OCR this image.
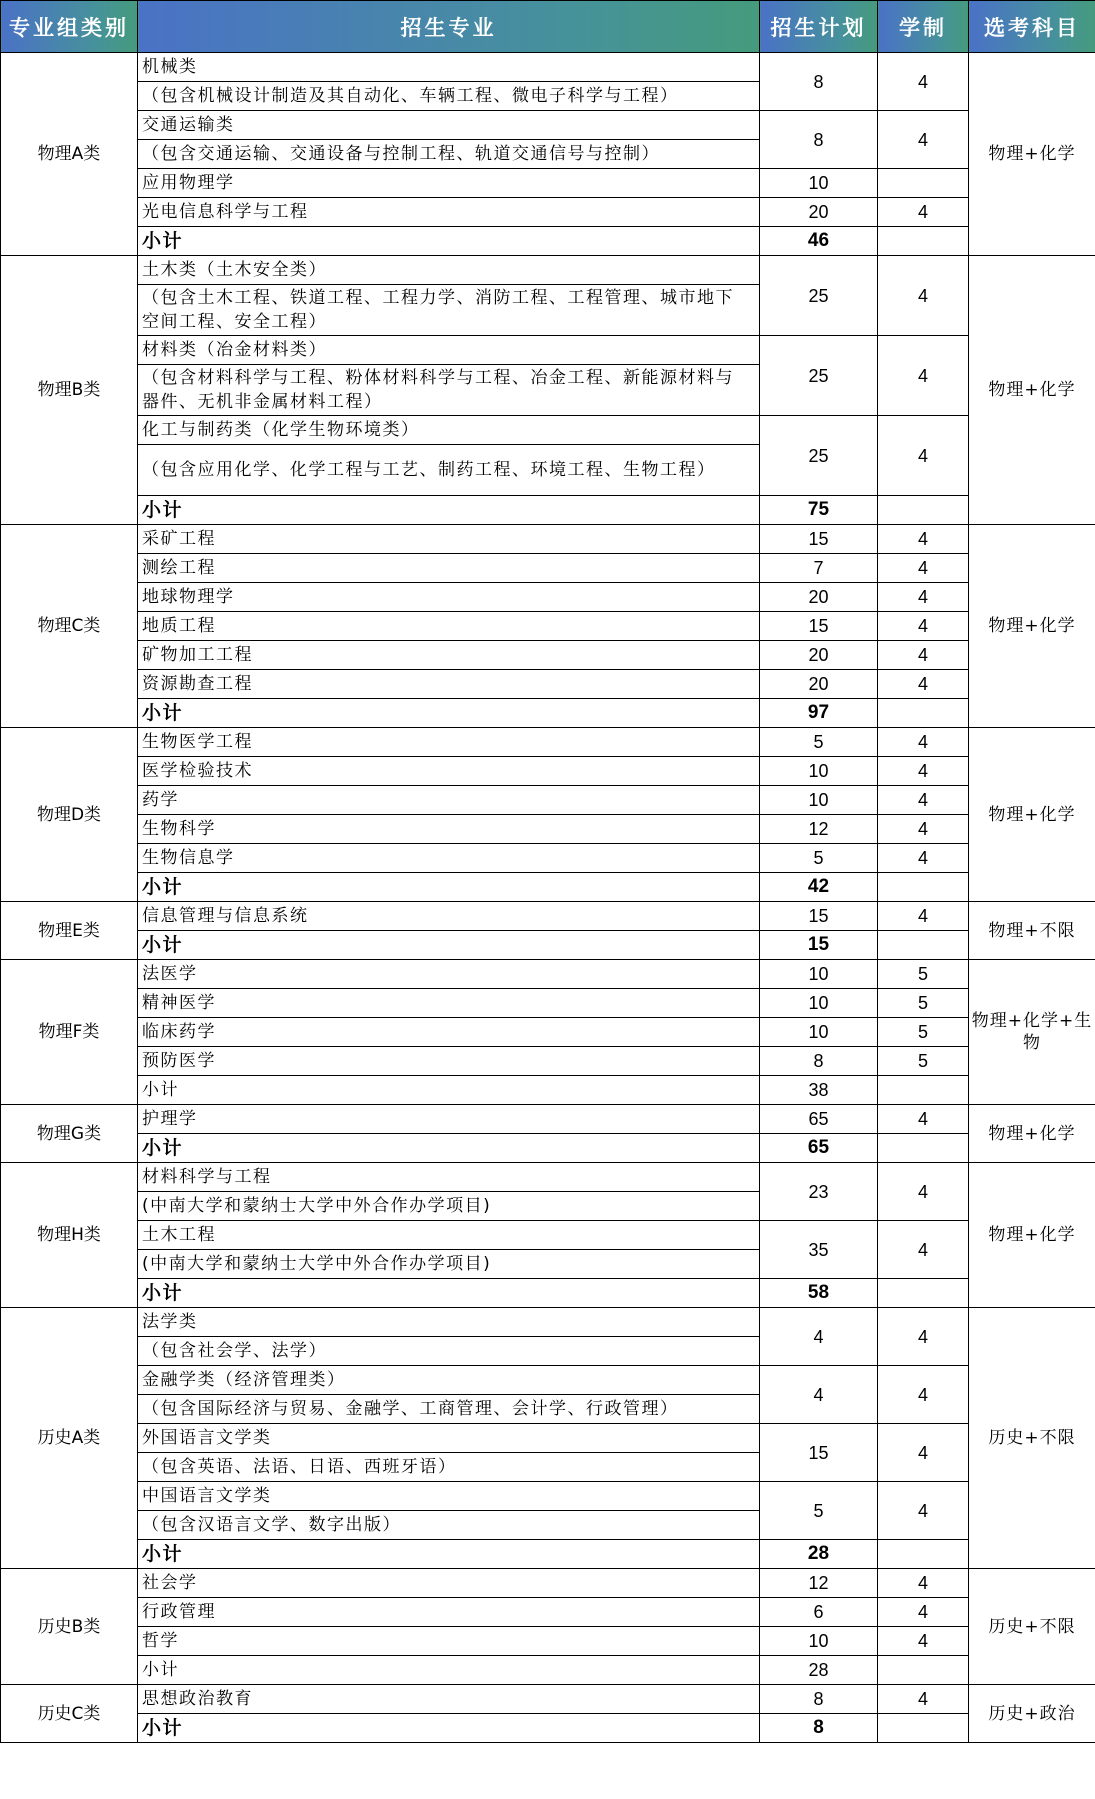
专业组类别	招生专业	招生计划	学制	选考科目
物理A类	机械类	8	4	物理+化学
	（包含机械设计制造及其自动化、车辆工程、微电子科学与工程）			
	交通运输类	8	4	
	（包含交通运输、交通设备与控制工程、轨道交通信号与控制）			
	应用物理学	10		
	光电信息科学与工程	20	4	
	小计	46		
物理B类	土木类（土木安全类）	25	4	物理+化学
	（包含土木工程、铁道工程、工程力学、消防工程、工程管理、城市地下空间工程、安全工程）			
	材料类（冶金材料类）	25	4	
	（包含材料科学与工程、粉体材料科学与工程、冶金工程、新能源材料与器件、无机非金属材料工程）			
	化工与制药类（化学生物环境类）	25	4	
	（包含应用化学、化学工程与工艺、制药工程、环境工程、生物工程）			
	小计	75		
物理C类	采矿工程	15	4	物理+化学
	测绘工程	7	4	
	地球物理学	20	4	
	地质工程	15	4	
	矿物加工工程	20	4	
	资源勘查工程	20	4	
	小计	97		
物理D类	生物医学工程	5	4	物理+化学
	医学检验技术	10	4	
	药学	10	4	
	生物科学	12	4	
	生物信息学	5	4	
	小计	42		
物理E类	信息管理与信息系统	15	4	物理+不限
	小计	15		
物理F类	法医学	10	5	物理+化学+生物
	精神医学	10	5	
	临床药学	10	5	
	预防医学	8	5	
	小计	38		
物理G类	护理学	65	4	物理+化学
	小计	65		
物理H类	材料科学与工程	23	4	物理+化学
	(中南大学和蒙纳士大学中外合作办学项目)			
	土木工程	35	4	
	(中南大学和蒙纳士大学中外合作办学项目)			
	小计	58		
历史A类	法学类	4	4	历史+不限
	（包含社会学、法学）			
	金融学类（经济管理类）	4	4	
	（包含国际经济与贸易、金融学、工商管理、会计学、行政管理）			
	外国语言文学类	15	4	
	（包含英语、法语、日语、西班牙语）			
	中国语言文学类	5	4	
	（包含汉语言文学、数字出版）			
	小计	28		
历史B类	社会学	12	4	历史+不限
	行政管理	6	4	
	哲学	10	4	
	小计	28		
历史C类	思想政治教育	8	4	历史+政治
	小计	8		
